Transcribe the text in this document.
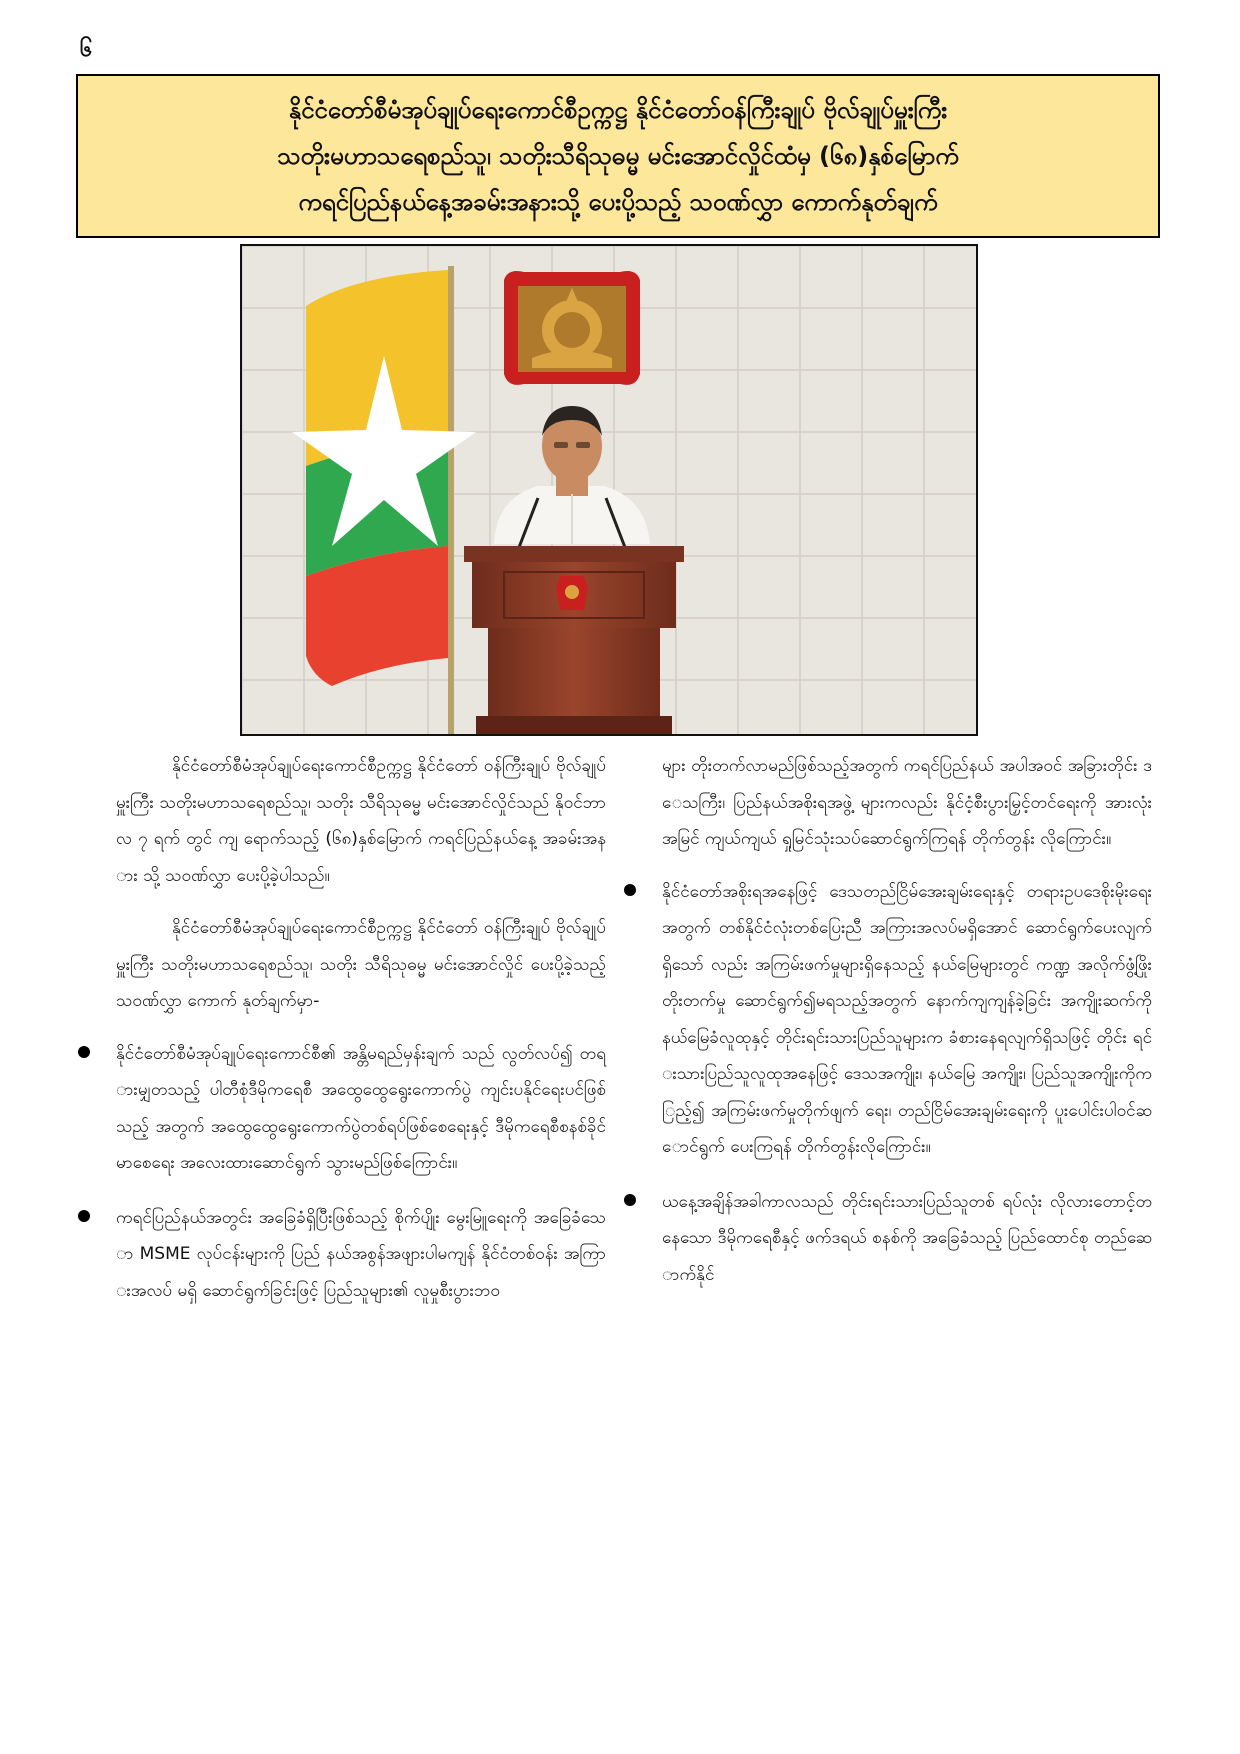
၆
နိုင်ငံတော်စီမံအုပ်ချုပ်ရေးကောင်စီဥက္ကဋ္ဌ နိုင်ငံတော်ဝန်ကြီးချုပ် ဗိုလ်ချုပ်မှူးကြီး
သတိုးမဟာသရေစည်သူ၊ သတိုးသီရိသုဓမ္မ မင်းအောင်လှိုင်ထံမှ (၆၈)နှစ်မြောက်
ကရင်ပြည်နယ်နေ့အခမ်းအနားသို့ ပေးပို့သည့် သဝဏ်လွှာ ကောက်နုတ်ချက်

နိုင်ငံတော်စီမံအုပ်ချုပ်ရေးကောင်စီဥက္ကဋ္ဌ နိုင်ငံတော် ဝန်ကြီးချုပ် ဗိုလ်ချုပ်မှူးကြီး သတိုးမဟာသရေစည်သူ၊ သတိုး သီရိသုဓမ္မ မင်းအောင်လှိုင်သည် နိုဝင်ဘာလ ၇ ရက် တွင် ကျ ရောက်သည့် (၆၈)နှစ်မြောက် ကရင်ပြည်နယ်နေ့ အခမ်းအနား သို့ သဝဏ်လွှာ ပေးပို့ခဲ့ပါသည်။

နိုင်ငံတော်စီမံအုပ်ချုပ်ရေးကောင်စီဥက္ကဋ္ဌ နိုင်ငံတော် ဝန်ကြီးချုပ် ဗိုလ်ချုပ်မှူးကြီး သတိုးမဟာသရေစည်သူ၊ သတိုး သီရိသုဓမ္မ မင်းအောင်လှိုင် ပေးပို့ခဲ့သည့် သဝဏ်လွှာ ကောက် နုတ်ချက်မှာ-

နိုင်ငံတော်စီမံအုပ်ချုပ်ရေးကောင်စီ၏ အန္တိမရည်မှန်းချက် သည် လွတ်လပ်၍ တရားမျှတသည့် ပါတီစုံဒီမိုကရေစီ အထွေထွေရွေးကောက်ပွဲ ကျင်းပနိုင်ရေးပင်ဖြစ်သည့် အတွက် အထွေထွေရွေးကောက်ပွဲတစ်ရပ်ဖြစ်စေရေးနှင့် ဒီမိုကရေစီစနစ်ခိုင်မာစေရေး အလေးထားဆောင်ရွက် သွားမည်ဖြစ်ကြောင်း။
ကရင်ပြည်နယ်အတွင်း အခြေခံရှိပြီးဖြစ်သည့် စိုက်ပျိုး မွေးမြူရေးကို အခြေခံသော MSME လုပ်ငန်းများကို ပြည် နယ်အစွန်အဖျားပါမကျန် နိုင်ငံတစ်ဝန်း အကြားအလပ် မရှိ ဆောင်ရွက်ခြင်းဖြင့် ပြည်သူများ၏ လူမှုစီးပွားဘဝ

များ တိုးတက်လာမည်ဖြစ်သည့်အတွက် ကရင်ပြည်နယ် အပါအဝင် အခြားတိုင်း ဒေသကြီး၊ ပြည်နယ်အစိုးရအဖွဲ့ များကလည်း နိုင်ငံ့စီးပွားမြှင့်တင်ရေးကို အားလုံးအမြင် ကျယ်ကျယ် ရှုမြင်သုံးသပ်ဆောင်ရွက်ကြရန် တိုက်တွန်း လိုကြောင်း။

နိုင်ငံတော်အစိုးရအနေဖြင့် ဒေသတည်ငြိမ်အေးချမ်းရေးနှင့် တရားဥပဒေစိုးမိုးရေးအတွက် တစ်နိုင်ငံလုံးတစ်ပြေးညီ အကြားအလပ်မရှိအောင် ဆောင်ရွက်ပေးလျက်ရှိသော် လည်း အကြမ်းဖက်မှုများရှိနေသည့် နယ်မြေများတွင် ကဏ္ဍ အလိုက်ဖွံ့ဖြိုးတိုးတက်မှု ဆောင်ရွက်၍မရသည့်အတွက် နောက်ကျကျန်ခဲ့ခြင်း အကျိုးဆက်ကို နယ်မြေခံလူထုနှင့် တိုင်းရင်းသားပြည်သူများက ခံစားနေရလျက်ရှိသဖြင့် တိုင်း ရင်းသားပြည်သူလူထုအနေဖြင့် ဒေသအကျိုး၊ နယ်မြေ အကျိုး၊ ပြည်သူအကျိုးကိုကြည့်၍ အကြမ်းဖက်မှုတိုက်ဖျက် ရေး၊ တည်ငြိမ်အေးချမ်းရေးကို ပူးပေါင်းပါဝင်ဆောင်ရွက် ပေးကြရန် တိုက်တွန်းလိုကြောင်း။
ယနေ့အချိန်အခါကာလသည် တိုင်းရင်းသားပြည်သူတစ် ရပ်လုံး လိုလားတောင့်တနေသော ဒီမိုကရေစီနှင့် ဖက်ဒရယ် စနစ်ကို အခြေခံသည့် ပြည်ထောင်စု တည်ဆောက်နိုင်
